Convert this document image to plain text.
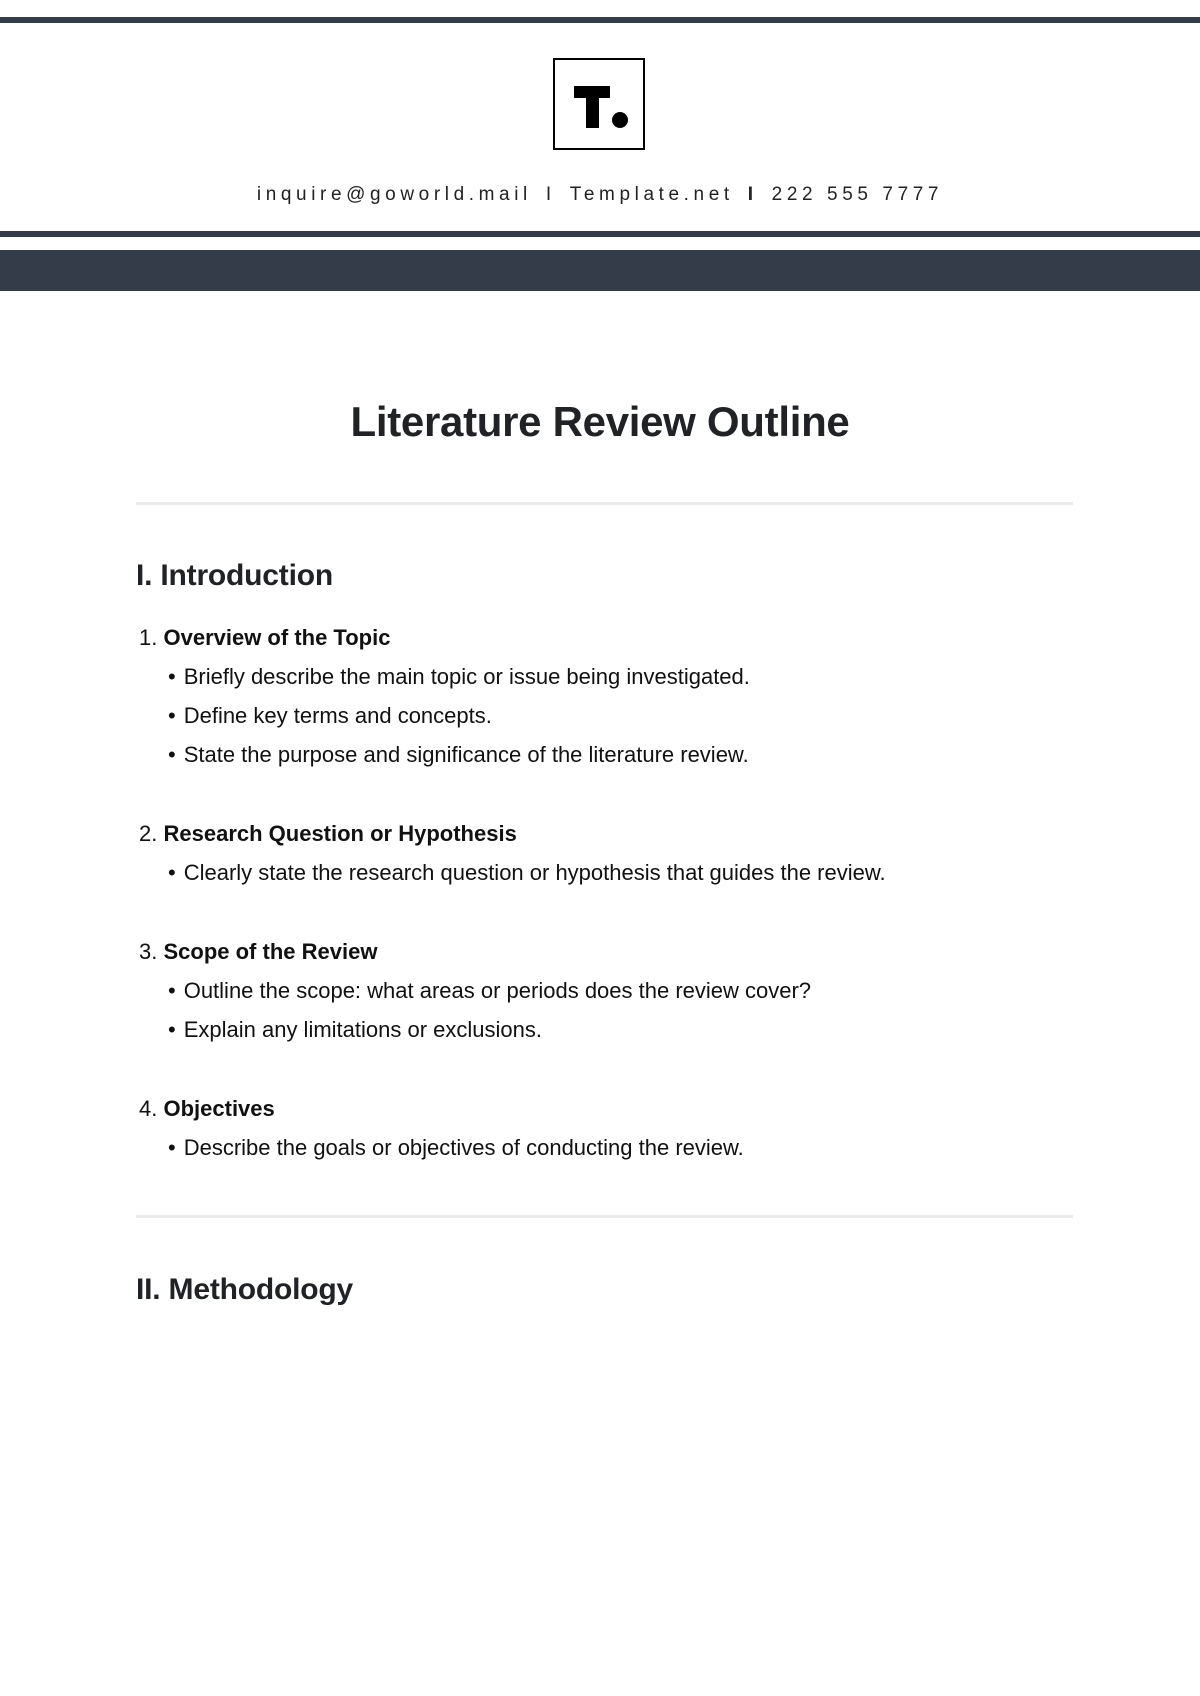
inquire@goworld.mail I Template.net I 222 555 7777
Literature Review Outline
I. Introduction
1. Overview of the Topic
• Briefly describe the main topic or issue being investigated.
• Define key terms and concepts.
• State the purpose and significance of the literature review.
2. Research Question or Hypothesis
• Clearly state the research question or hypothesis that guides the review.
3. Scope of the Review
• Outline the scope: what areas or periods does the review cover?
• Explain any limitations or exclusions.
4. Objectives
• Describe the goals or objectives of conducting the review.
II. Methodology
